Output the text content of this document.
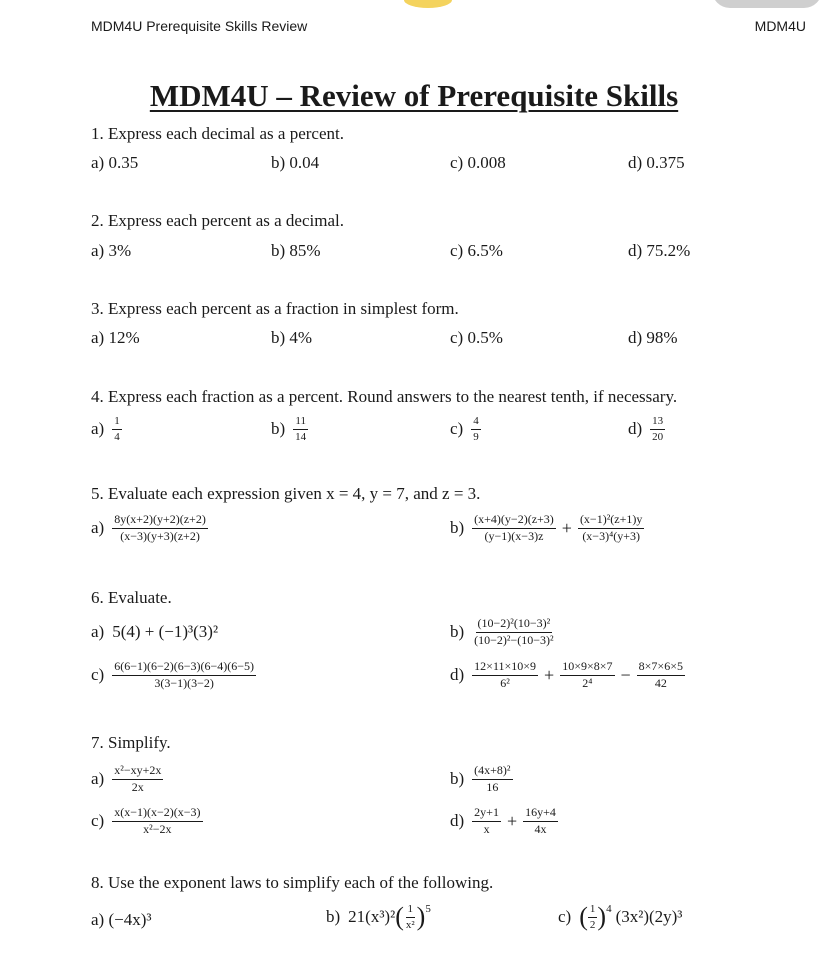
MDM4U Prerequisite Skills Review	MDM4U
MDM4U – Review of Prerequisite Skills
1. Express each decimal as a percent.
a) 0.35	b) 0.04	c) 0.008	d) 0.375
2. Express each percent as a decimal.
a) 3%	b) 85%	c) 6.5%	d) 75.2%
3. Express each percent as a fraction in simplest form.
a) 12%	b) 4%	c) 0.5%	d) 98%
4. Express each fraction as a percent. Round answers to the nearest tenth, if necessary.
$a) \frac{1}{4}$	$b) \frac{11}{14}$	$c) \frac{4}{9}$	$d) \frac{13}{20}$
5. Evaluate each expression given x = 4, y = 7, and z = 3.
$a) \frac{8y(x+2)(y+2)(z+2)}{(x-3)(y+3)(z+2)}$	$b) \frac{(x+4)(y-2)(z+3)}{(y-1)(x-3)z} + \frac{\text{(x−1)²(z+1)y}}{\text{(x−3)⁴(y+3)}}$
6. Evaluate.
a) 5(4) + (−1)³(3)²	$b) \frac{\text{(10−2)²(10−3)²}}{\text{(10−2)²−(10−3)²}}$
$c) \frac{6(6-1)(6-2)(6-3)(6-4)(6-5)}{3(3-1)(3-2)}$	$d) \frac{12\times 11\times 10\times 9}{\text{6²}} + \frac{10\times 9\times 8\times 7}{\text{2⁴}} - \frac{8\times 7\times 6\times 5}{42}$
7. Simplify.
$a) \frac{\text{x²−xy+2x}}{2x}$	$b) \frac{\text{(4x+8)²}}{16}$
$c) \frac{x(x-1)(x-2)(x-3)}{\text{x²−2x}}$	$d) \frac{2y+1}{x} + \frac{16y+4}{4x}$
8. Use the exponent laws to simplify each of the following.
a) (−4x)³	b) 21(x³)² ( $\frac{1}{\text{x²}}$ ) 5	c) ( $\frac{1}{2}$ ) 4 (3x²)(2y)³
